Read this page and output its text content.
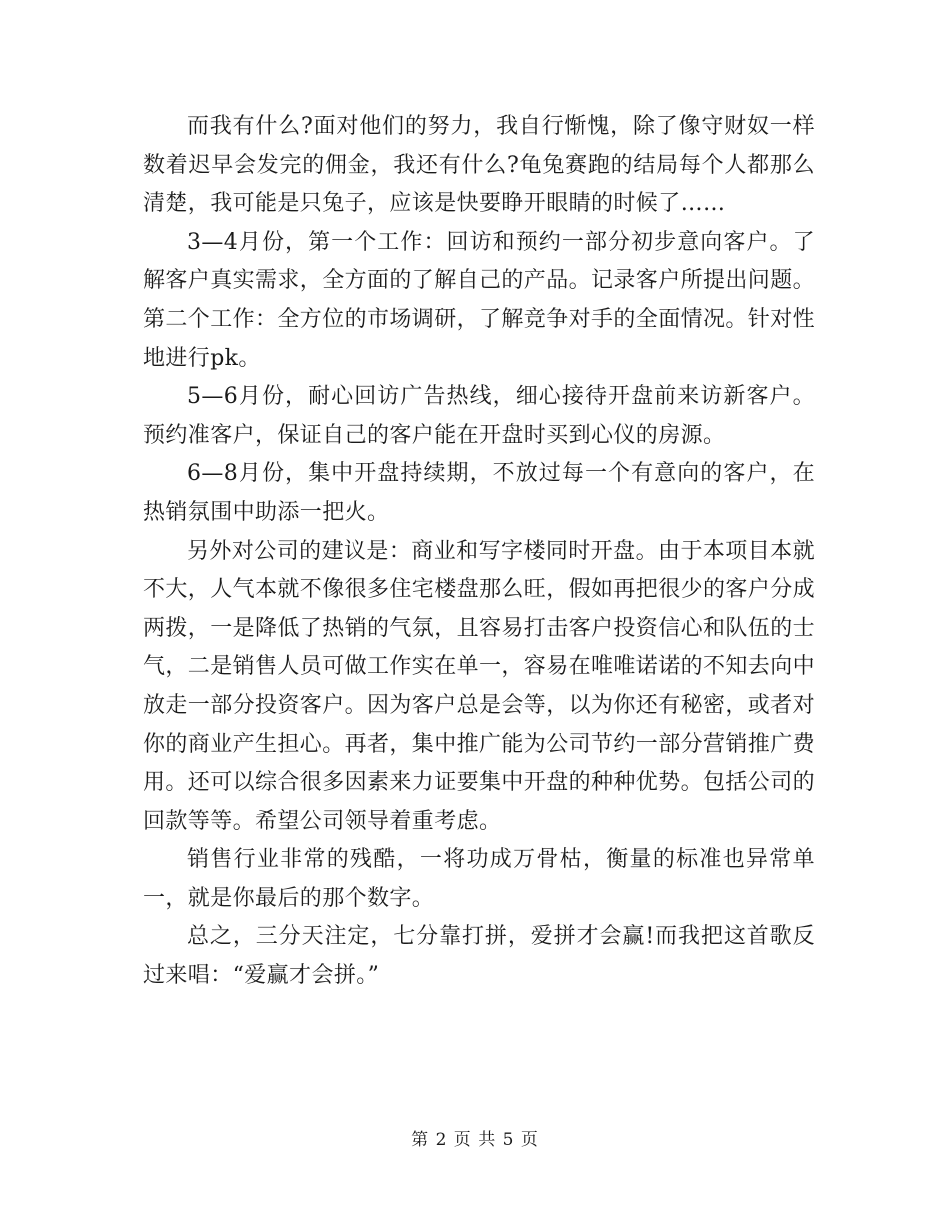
而我有什么?面对他们的努力，我自行惭愧，除了像守财奴一样数着迟早会发完的佣金，我还有什么?龟兔赛跑的结局每个人都那么清楚，我可能是只兔子，应该是快要睁开眼睛的时候了……

3—4月份，第一个工作：回访和预约一部分初步意向客户。了解客户真实需求，全方面的了解自己的产品。记录客户所提出问题。第二个工作：全方位的市场调研，了解竞争对手的全面情况。针对性地进行pk。

5—6月份，耐心回访广告热线，细心接待开盘前来访新客户。预约准客户，保证自己的客户能在开盘时买到心仪的房源。

6—8月份，集中开盘持续期，不放过每一个有意向的客户，在热销氛围中助添一把火。

另外对公司的建议是：商业和写字楼同时开盘。由于本项目本就不大，人气本就不像很多住宅楼盘那么旺，假如再把很少的客户分成两拨，一是降低了热销的气氛，且容易打击客户投资信心和队伍的士气，二是销售人员可做工作实在单一，容易在唯唯诺诺的不知去向中放走一部分投资客户。因为客户总是会等，以为你还有秘密，或者对你的商业产生担心。再者，集中推广能为公司节约一部分营销推广费用。还可以综合很多因素来力证要集中开盘的种种优势。包括公司的回款等等。希望公司领导着重考虑。

销售行业非常的残酷，一将功成万骨枯，衡量的标准也异常单一，就是你最后的那个数字。

总之，三分天注定，七分靠打拼，爱拼才会赢!而我把这首歌反过来唱：“爱赢才会拼。”

第 2 页 共 5 页
